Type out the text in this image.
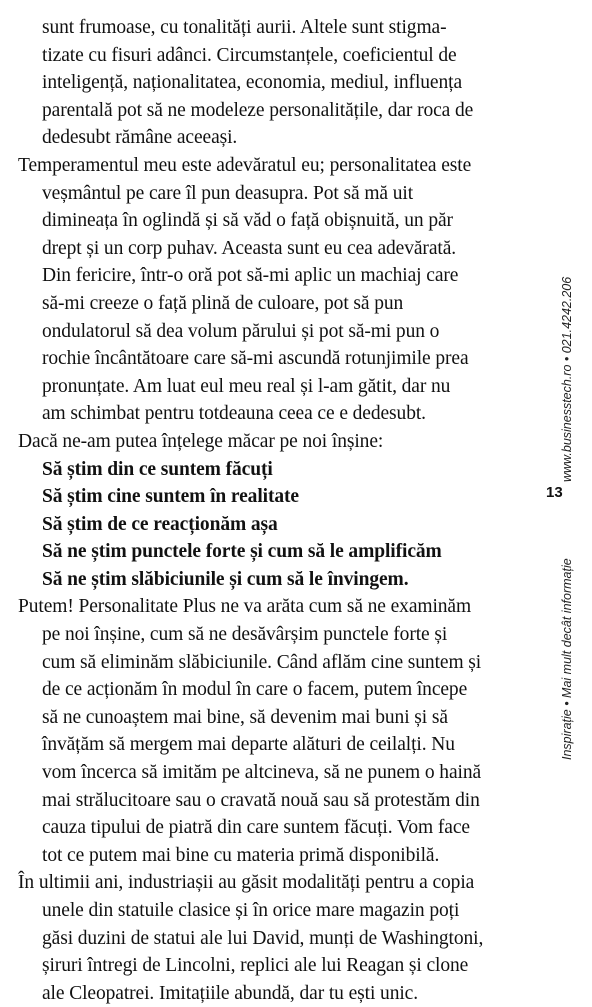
sunt frumoase, cu tonalități aurii. Altele sunt stigma-
tizate cu fisuri adânci. Circumstanțele, coeficientul de
inteligență, naționalitatea, economia, mediul, influența
parentală pot să ne modeleze personalitățile, dar roca de
dedesubt rămâne aceeași.
Temperamentul meu este adevăratul eu; personalitatea este
veșmântul pe care îl pun deasupra. Pot să mă uit
dimineața în oglindă și să văd o față obișnuită, un păr
drept și un corp puhav. Aceasta sunt eu cea adevărată.
Din fericire, într-o oră pot să-mi aplic un machiaj care
să-mi creeze o față plină de culoare, pot să pun
ondulatorul să dea volum părului și pot să-mi pun o
rochie încântătoare care să-mi ascundă rotunjimile prea
pronunțate. Am luat eul meu real și l-am gătit, dar nu
am schimbat pentru totdeauna ceea ce e dedesubt.
Dacă ne-am putea înțelege măcar pe noi înșine:
Să știm din ce suntem făcuți
Să știm cine suntem în realitate
Să știm de ce reacționăm așa
Să ne știm punctele forte și cum să le amplificăm
Să ne știm slăbiciunile și cum să le învingem.
Putem! Personalitate Plus ne va arăta cum să ne examinăm
pe noi înșine, cum să ne desăvârșim punctele forte și
cum să eliminăm slăbiciunile. Când aflăm cine suntem și
de ce acționăm în modul în care o facem, putem începe
să ne cunoaștem mai bine, să devenim mai buni și să
învățăm să mergem mai departe alături de ceilalți. Nu
vom încerca să imităm pe altcineva, să ne punem o haină
mai strălucitoare sau o cravată nouă sau să protestăm din
cauza tipului de piatră din care suntem făcuți. Vom face
tot ce putem mai bine cu materia primă disponibilă.
În ultimii ani, industriașii au găsit modalități pentru a copia
unele din statuile clasice și în orice mare magazin poți
găsi duzini de statui ale lui David, munți de Washingtoni,
șiruri întregi de Lincolni, replici ale lui Reagan și clone
ale Cleopatrei. Imitațiile abundă, dar tu ești unic.
www.businesstech.ro • 021.4242.206
13
Inspirație • Mai mult decât informație
